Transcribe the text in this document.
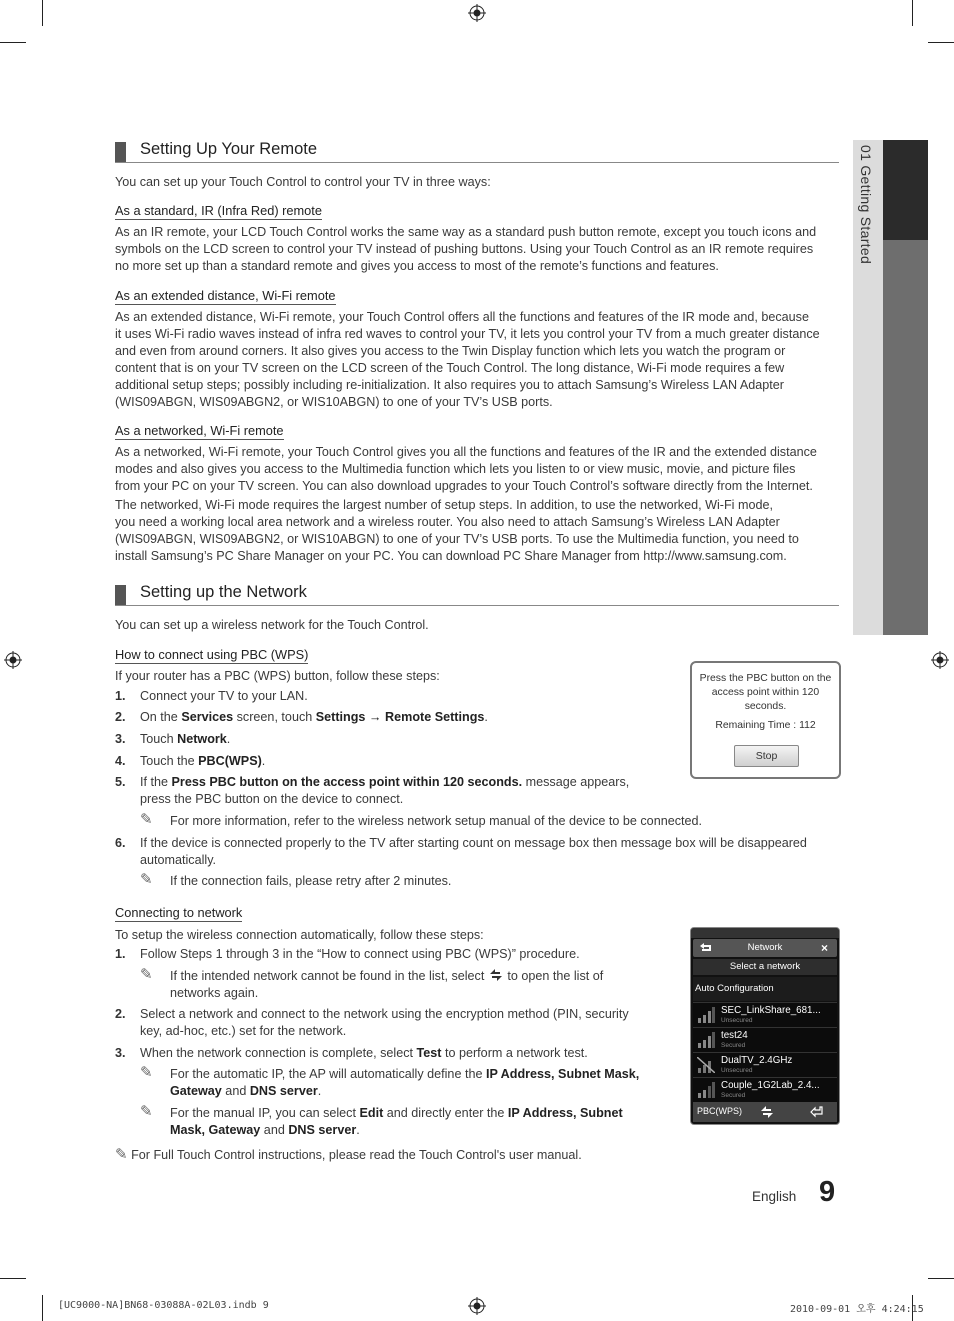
01 Getting Started
Setting Up Your Remote
You can set up your Touch Control to control your TV in three ways:
As a standard, IR (Infra Red) remote
As an IR remote, your LCD Touch Control works the same way as a standard push button remote, except you touch icons and
symbols on the LCD screen to control your TV instead of pushing buttons. Using your Touch Control as an IR remote requires
no more set up than a standard remote and gives you access to most of the remote’s functions and features.
As an extended distance, Wi-Fi remote
As an extended distance, Wi-Fi remote, your Touch Control offers all the functions and features of the IR mode and, because
it uses Wi-Fi radio waves instead of infra red waves to control your TV, it lets you control your TV from a much greater distance
and even from around corners. It also gives you access to the Twin Display function which lets you watch the program or
content that is on your TV screen on the LCD screen of the Touch Control. The long distance, Wi-Fi mode requires a few
additional setup steps; possibly including re-initialization. It also requires you to attach Samsung’s Wireless LAN Adapter
(WIS09ABGN, WIS09ABGN2, or WIS10ABGN) to one of your TV’s USB ports.
As a networked, Wi-Fi remote
As a networked, Wi-Fi remote, your Touch Control gives you all the functions and features of the IR and the extended distance
modes and also gives you access to the Multimedia function which lets you listen to or view music, movie, and picture files
from your PC on your TV screen. You can also download upgrades to your Touch Control’s software directly from the Internet.
The networked, Wi-Fi mode requires the largest number of setup steps. In addition, to use the networked, Wi-Fi mode,
you need a working local area network and a wireless router. You also need to attach Samsung’s Wireless LAN Adapter
(WIS09ABGN, WIS09ABGN2, or WIS10ABGN) to one of your TV’s USB ports. To use the Multimedia function, you need to
install Samsung’s PC Share Manager on your PC. You can download PC Share Manager from http://www.samsung.com.
Setting up the Network
You can set up a wireless network for the Touch Control.
How to connect using PBC (WPS)
If your router has a PBC (WPS) button, follow these steps:
1. Connect your TV to your LAN.
2. On the Services screen, touch Settings → Remote Settings.
3. Touch Network.
4. Touch the PBC(WPS).
5. If the Press PBC button on the access point within 120 seconds. message appears,
press the PBC button on the device to connect.
✎ For more information, refer to the wireless network setup manual of the device to be connected.
6. If the device is connected properly to the TV after starting count on message box then message box will be disappeared
automatically.
✎ If the connection fails, please retry after 2 minutes.
Press the PBC button on the access point within 120 seconds.
Remaining Time : 112
Stop
Connecting to network
To setup the wireless connection automatically, follow these steps:
1. Follow Steps 1 through 3 in the “How to connect using PBC (WPS)” procedure.
✎ If the intended network cannot be found in the list, select  to open the list of
networks again.
2. Select a network and connect to the network using the encryption method (PIN, security
key, ad-hoc, etc.) set for the network.
3. When the network connection is complete, select Test to perform a network test.
✎ For the automatic IP, the AP will automatically define the IP Address, Subnet Mask,
Gateway and DNS server.
✎ For the manual IP, you can select Edit and directly enter the IP Address, Subnet
Mask, Gateway and DNS server.
Network	×
Select a network
Auto Configuration
SEC_LinkShare_681...
Unsecured
test24
Secured
DualTV_2.4GHz
Unsecured
Couple_1G2Lab_2.4...
Secured
PBC(WPS)
✎ For Full Touch Control instructions, please read the Touch Control's user manual.
English 9
[UC9000-NA]BN68-03088A-02L03.indb 9	2010-09-01 오후 4:24:15
